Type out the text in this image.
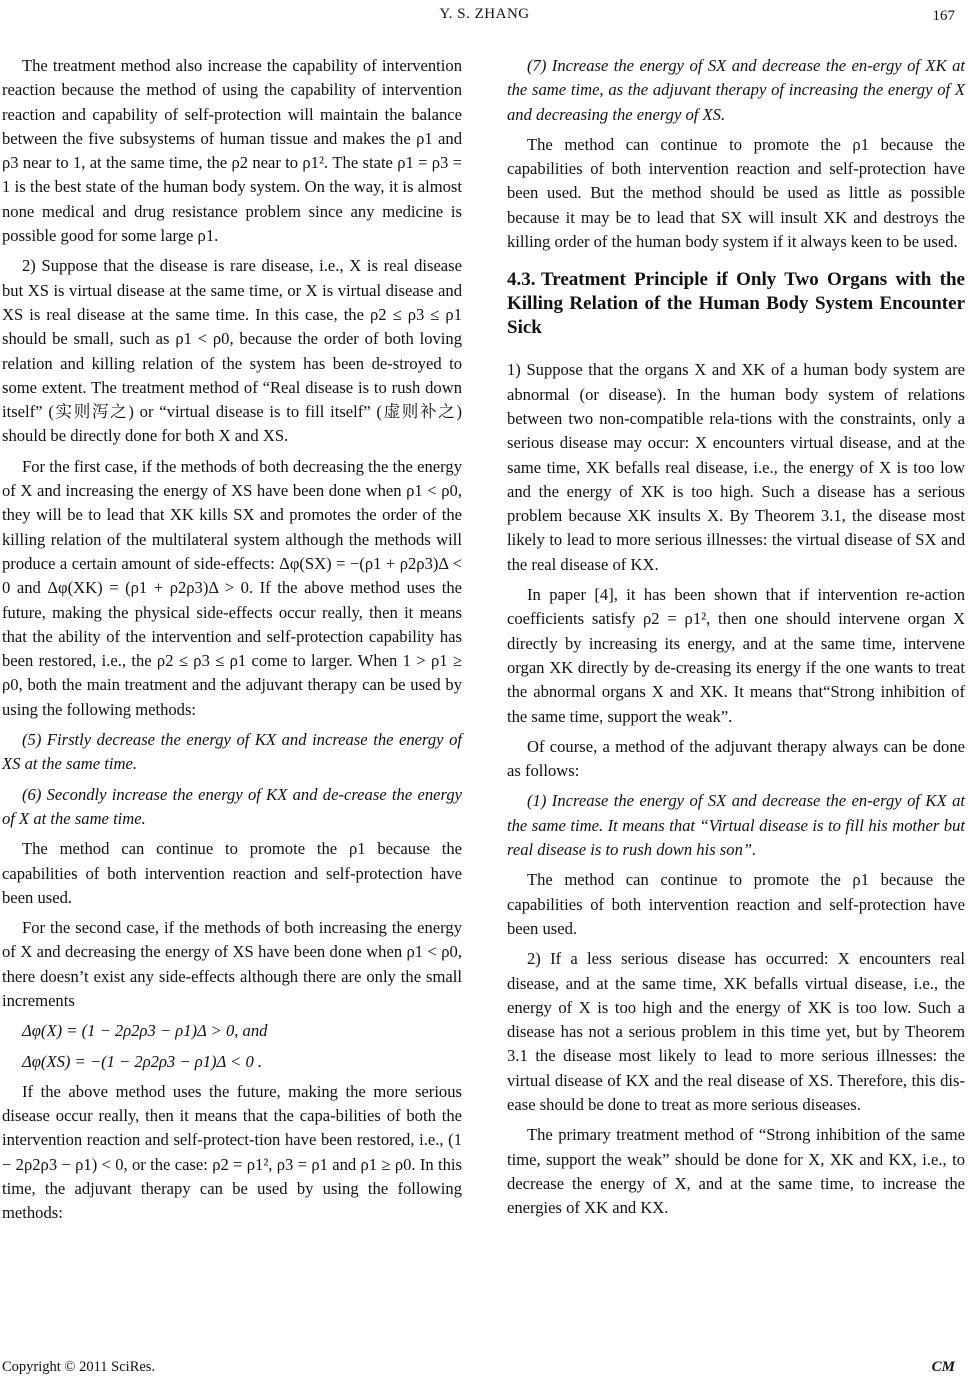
Y. S. ZHANG	167

The treatment method also increase the capability of intervention reaction because the method of using the capability of intervention reaction and capability of self-protection will maintain the balance between the five subsystems of human tissue and makes the ρ1 and ρ3 near to 1, at the same time, the ρ2 near to ρ1². The state ρ1 = ρ3 = 1 is the best state of the human body system. On the way, it is almost none medical and drug resistance problem since any medicine is possible good for some large ρ1.

2) Suppose that the disease is rare disease, i.e., X is real disease but XS is virtual disease at the same time, or X is virtual disease and XS is real disease at the same time. In this case, the ρ2 ≤ ρ3 ≤ ρ1 should be small, such as ρ1 < ρ0, because the order of both loving relation and killing relation of the system has been de-stroyed to some extent. The treatment method of “Real disease is to rush down itself” (实则泻之) or “virtual disease is to fill itself” (虚则补之) should be directly done for both X and XS.

For the first case, if the methods of both decreasing the the energy of X and increasing the energy of XS have been done when ρ1 < ρ0, they will be to lead that XK kills SX and promotes the order of the killing relation of the multilateral system although the methods will produce a certain amount of side-effects: Δφ(SX) = −(ρ1 + ρ2ρ3)Δ < 0 and Δφ(XK) = (ρ1 + ρ2ρ3)Δ > 0. If the above method uses the future, making the physical side-effects occur really, then it means that the ability of the intervention and self-protection capability has been restored, i.e., the ρ2 ≤ ρ3 ≤ ρ1 come to larger. When 1 > ρ1 ≥ ρ0, both the main treatment and the adjuvant therapy can be used by using the following methods:

(5) Firstly decrease the energy of KX and increase the energy of XS at the same time.

(6) Secondly increase the energy of KX and de-crease the energy of X at the same time.

The method can continue to promote the ρ1 because the capabilities of both intervention reaction and self-protection have been used.

For the second case, if the methods of both increasing the energy of X and decreasing the energy of XS have been done when ρ1 < ρ0, there doesn’t exist any side-effects although there are only the small increments

Δφ(X) = (1 − 2ρ2ρ3 − ρ1)Δ > 0, and

Δφ(XS) = −(1 − 2ρ2ρ3 − ρ1)Δ < 0 .

If the above method uses the future, making the more serious disease occur really, then it means that the capa-bilities of both the intervention reaction and self-protect-tion have been restored, i.e., (1 − 2ρ2ρ3 − ρ1) < 0, or the case: ρ2 = ρ1², ρ3 = ρ1 and ρ1 ≥ ρ0. In this time, the adjuvant therapy can be used by using the following methods:

(7) Increase the energy of SX and decrease the en-ergy of XK at the same time, as the adjuvant therapy of increasing the energy of X and decreasing the energy of XS.

The method can continue to promote the ρ1 because the capabilities of both intervention reaction and self-protection have been used. But the method should be used as little as possible because it may be to lead that SX will insult XK and destroys the killing order of the human body system if it always keen to be used.

4.3. Treatment Principle if Only Two Organs with the Killing Relation of the Human Body System Encounter Sick

1) Suppose that the organs X and XK of a human body system are abnormal (or disease). In the human body system of relations between two non-compatible rela-tions with the constraints, only a serious disease may occur: X encounters virtual disease, and at the same time, XK befalls real disease, i.e., the energy of X is too low and the energy of XK is too high. Such a disease has a serious problem because XK insults X. By Theorem 3.1, the disease most likely to lead to more serious illnesses: the virtual disease of SX and the real disease of KX.

In paper [4], it has been shown that if intervention re-action coefficients satisfy ρ2 = ρ1², then one should intervene organ X directly by increasing its energy, and at the same time, intervene organ XK directly by de-creasing its energy if the one wants to treat the abnormal organs X and XK. It means that“Strong inhibition of the same time, support the weak”.

Of course, a method of the adjuvant therapy always can be done as follows:

(1) Increase the energy of SX and decrease the en-ergy of KX at the same time. It means that “Virtual disease is to fill his mother but real disease is to rush down his son”.

The method can continue to promote the ρ1 because the capabilities of both intervention reaction and self-protection have been used.

2) If a less serious disease has occurred: X encounters real disease, and at the same time, XK befalls virtual disease, i.e., the energy of X is too high and the energy of XK is too low. Such a disease has not a serious problem in this time yet, but by Theorem 3.1 the disease most likely to lead to more serious illnesses: the virtual disease of KX and the real disease of XS. Therefore, this dis-ease should be done to treat as more serious diseases.

The primary treatment method of “Strong inhibition of the same time, support the weak” should be done for X, XK and KX, i.e., to decrease the energy of X, and at the same time, to increase the energies of XK and KX.

Copyright © 2011 SciRes.	CM
